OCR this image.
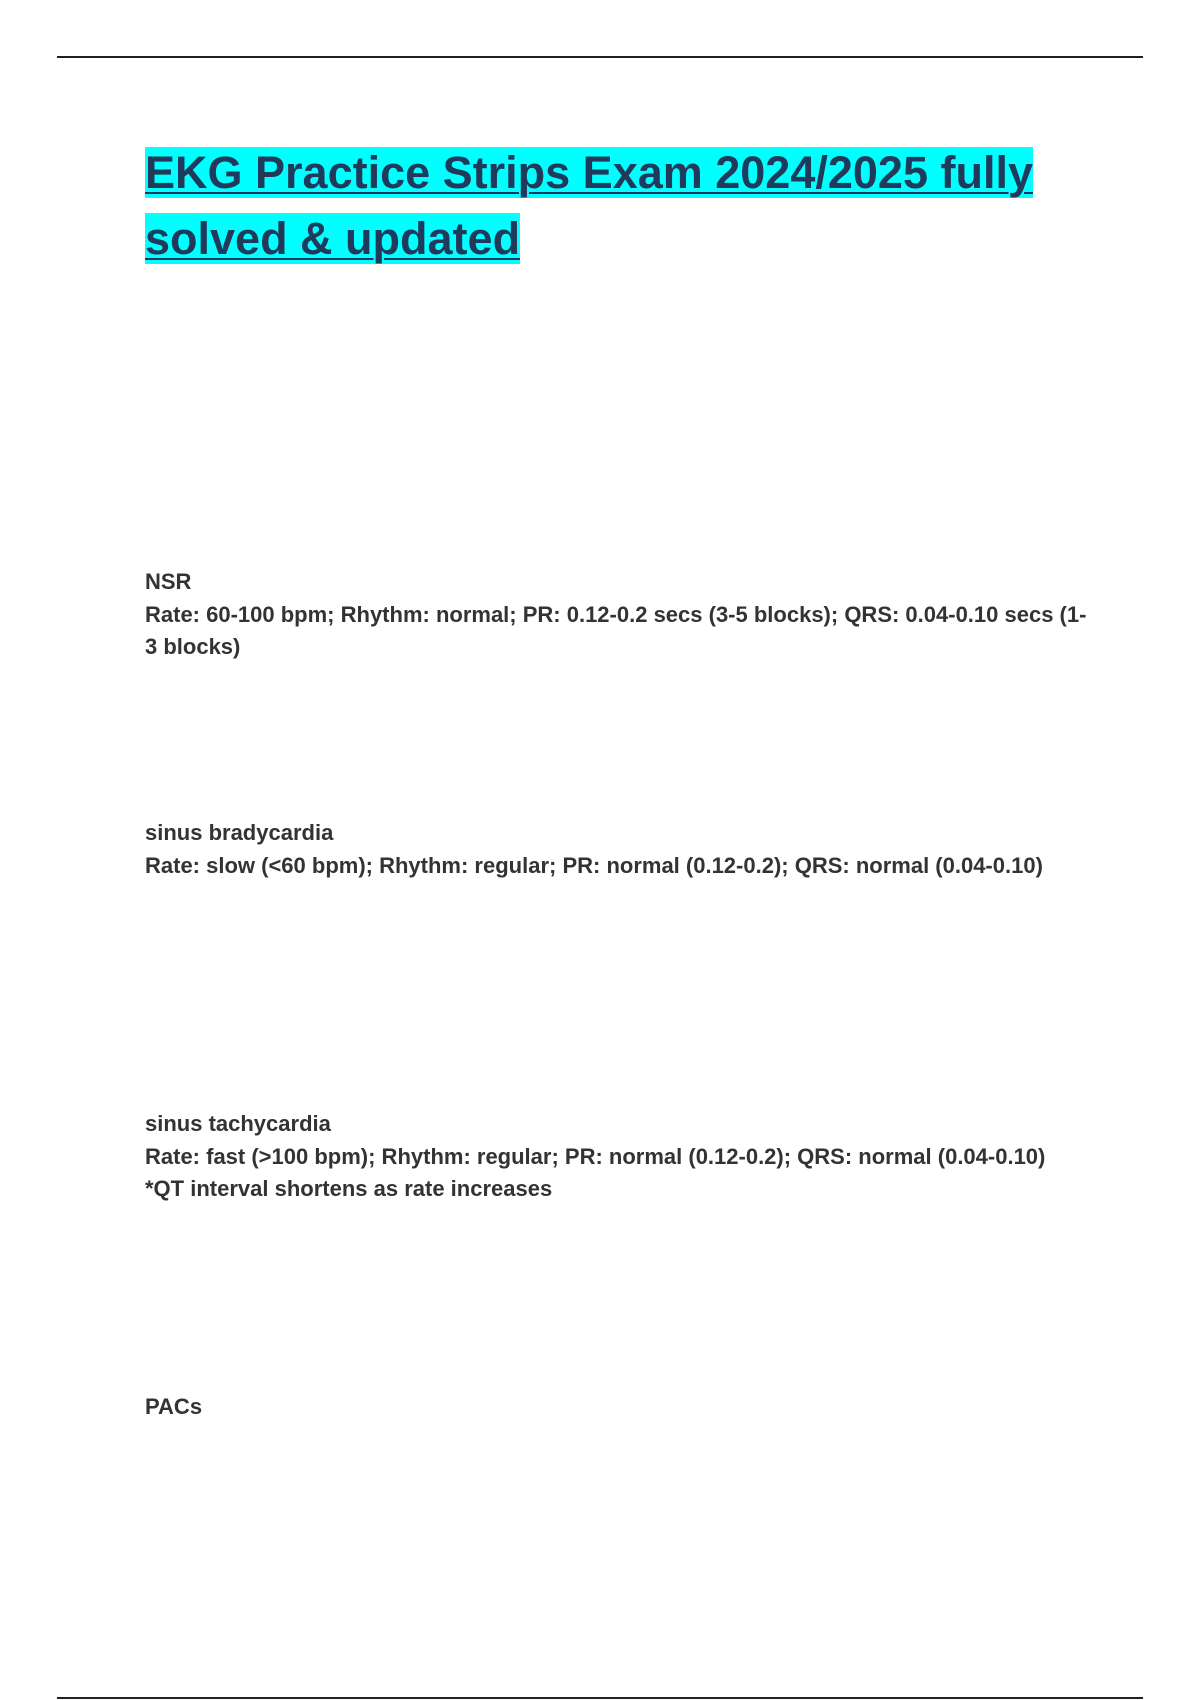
EKG Practice Strips Exam 2024/2025 fully solved & updated

NSR

Rate: 60-100 bpm; Rhythm: normal; PR: 0.12-0.2 secs (3-5 blocks); QRS: 0.04-0.10 secs (1-3 blocks)

sinus bradycardia

Rate: slow (<60 bpm); Rhythm: regular; PR: normal (0.12-0.2); QRS: normal (0.04-0.10)

sinus tachycardia

Rate: fast (>100 bpm); Rhythm: regular; PR: normal (0.12-0.2); QRS: normal (0.04-0.10)

*QT interval shortens as rate increases

PACs
